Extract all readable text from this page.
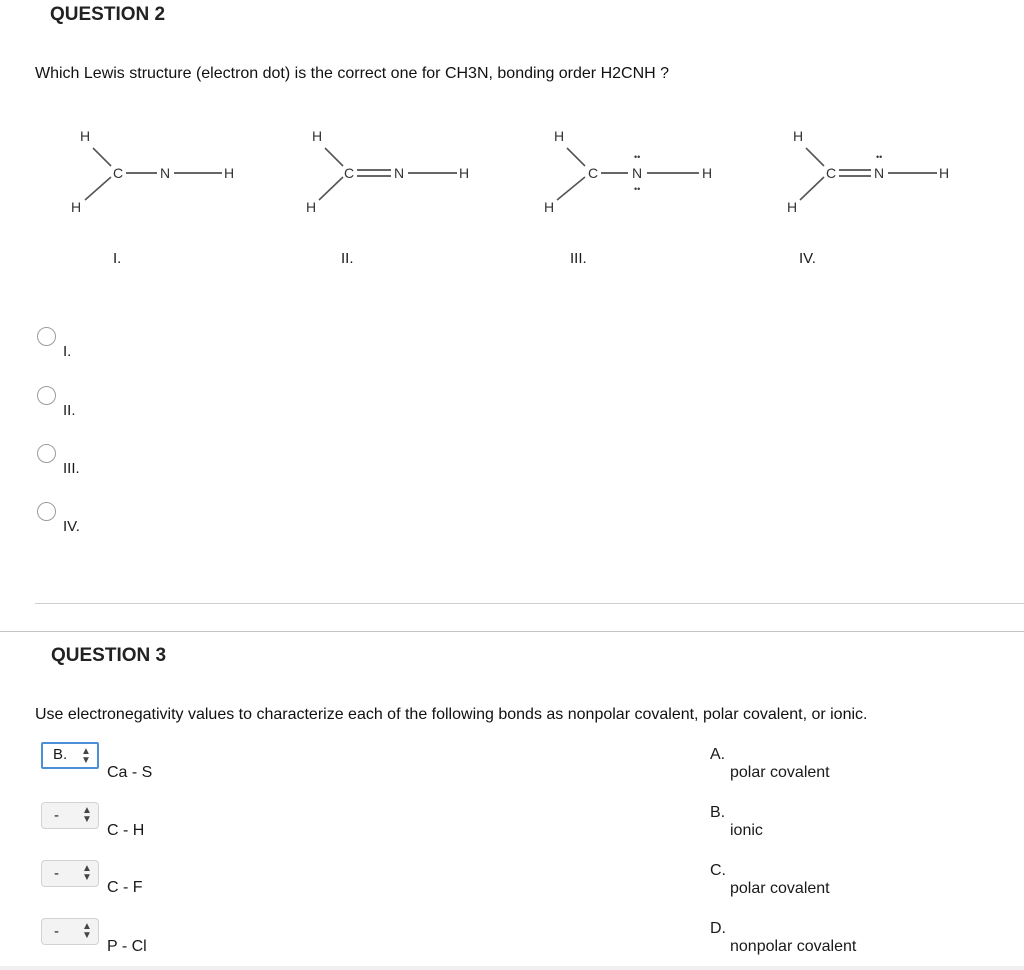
QUESTION 2
Which Lewis structure (electron dot) is the correct one for CH3N, bonding order H2CNH ?
H
H
C	N	H
H
H
C	N	H
H
H
C N	H
••
••
H
H
C	N	H
••
I.	II.	III.	IV.
I.
II.
III.
IV.
QUESTION 3
Use electronegativity values to characterize each of the following bonds as nonpolar covalent, polar covalent, or ionic.
B. ▲▼
Ca - S
- ▲▼
C - H
- ▲▼
C - F
- ▲▼
P - Cl
A.
polar covalent
B.
ionic
C.
polar covalent
D.
nonpolar covalent
